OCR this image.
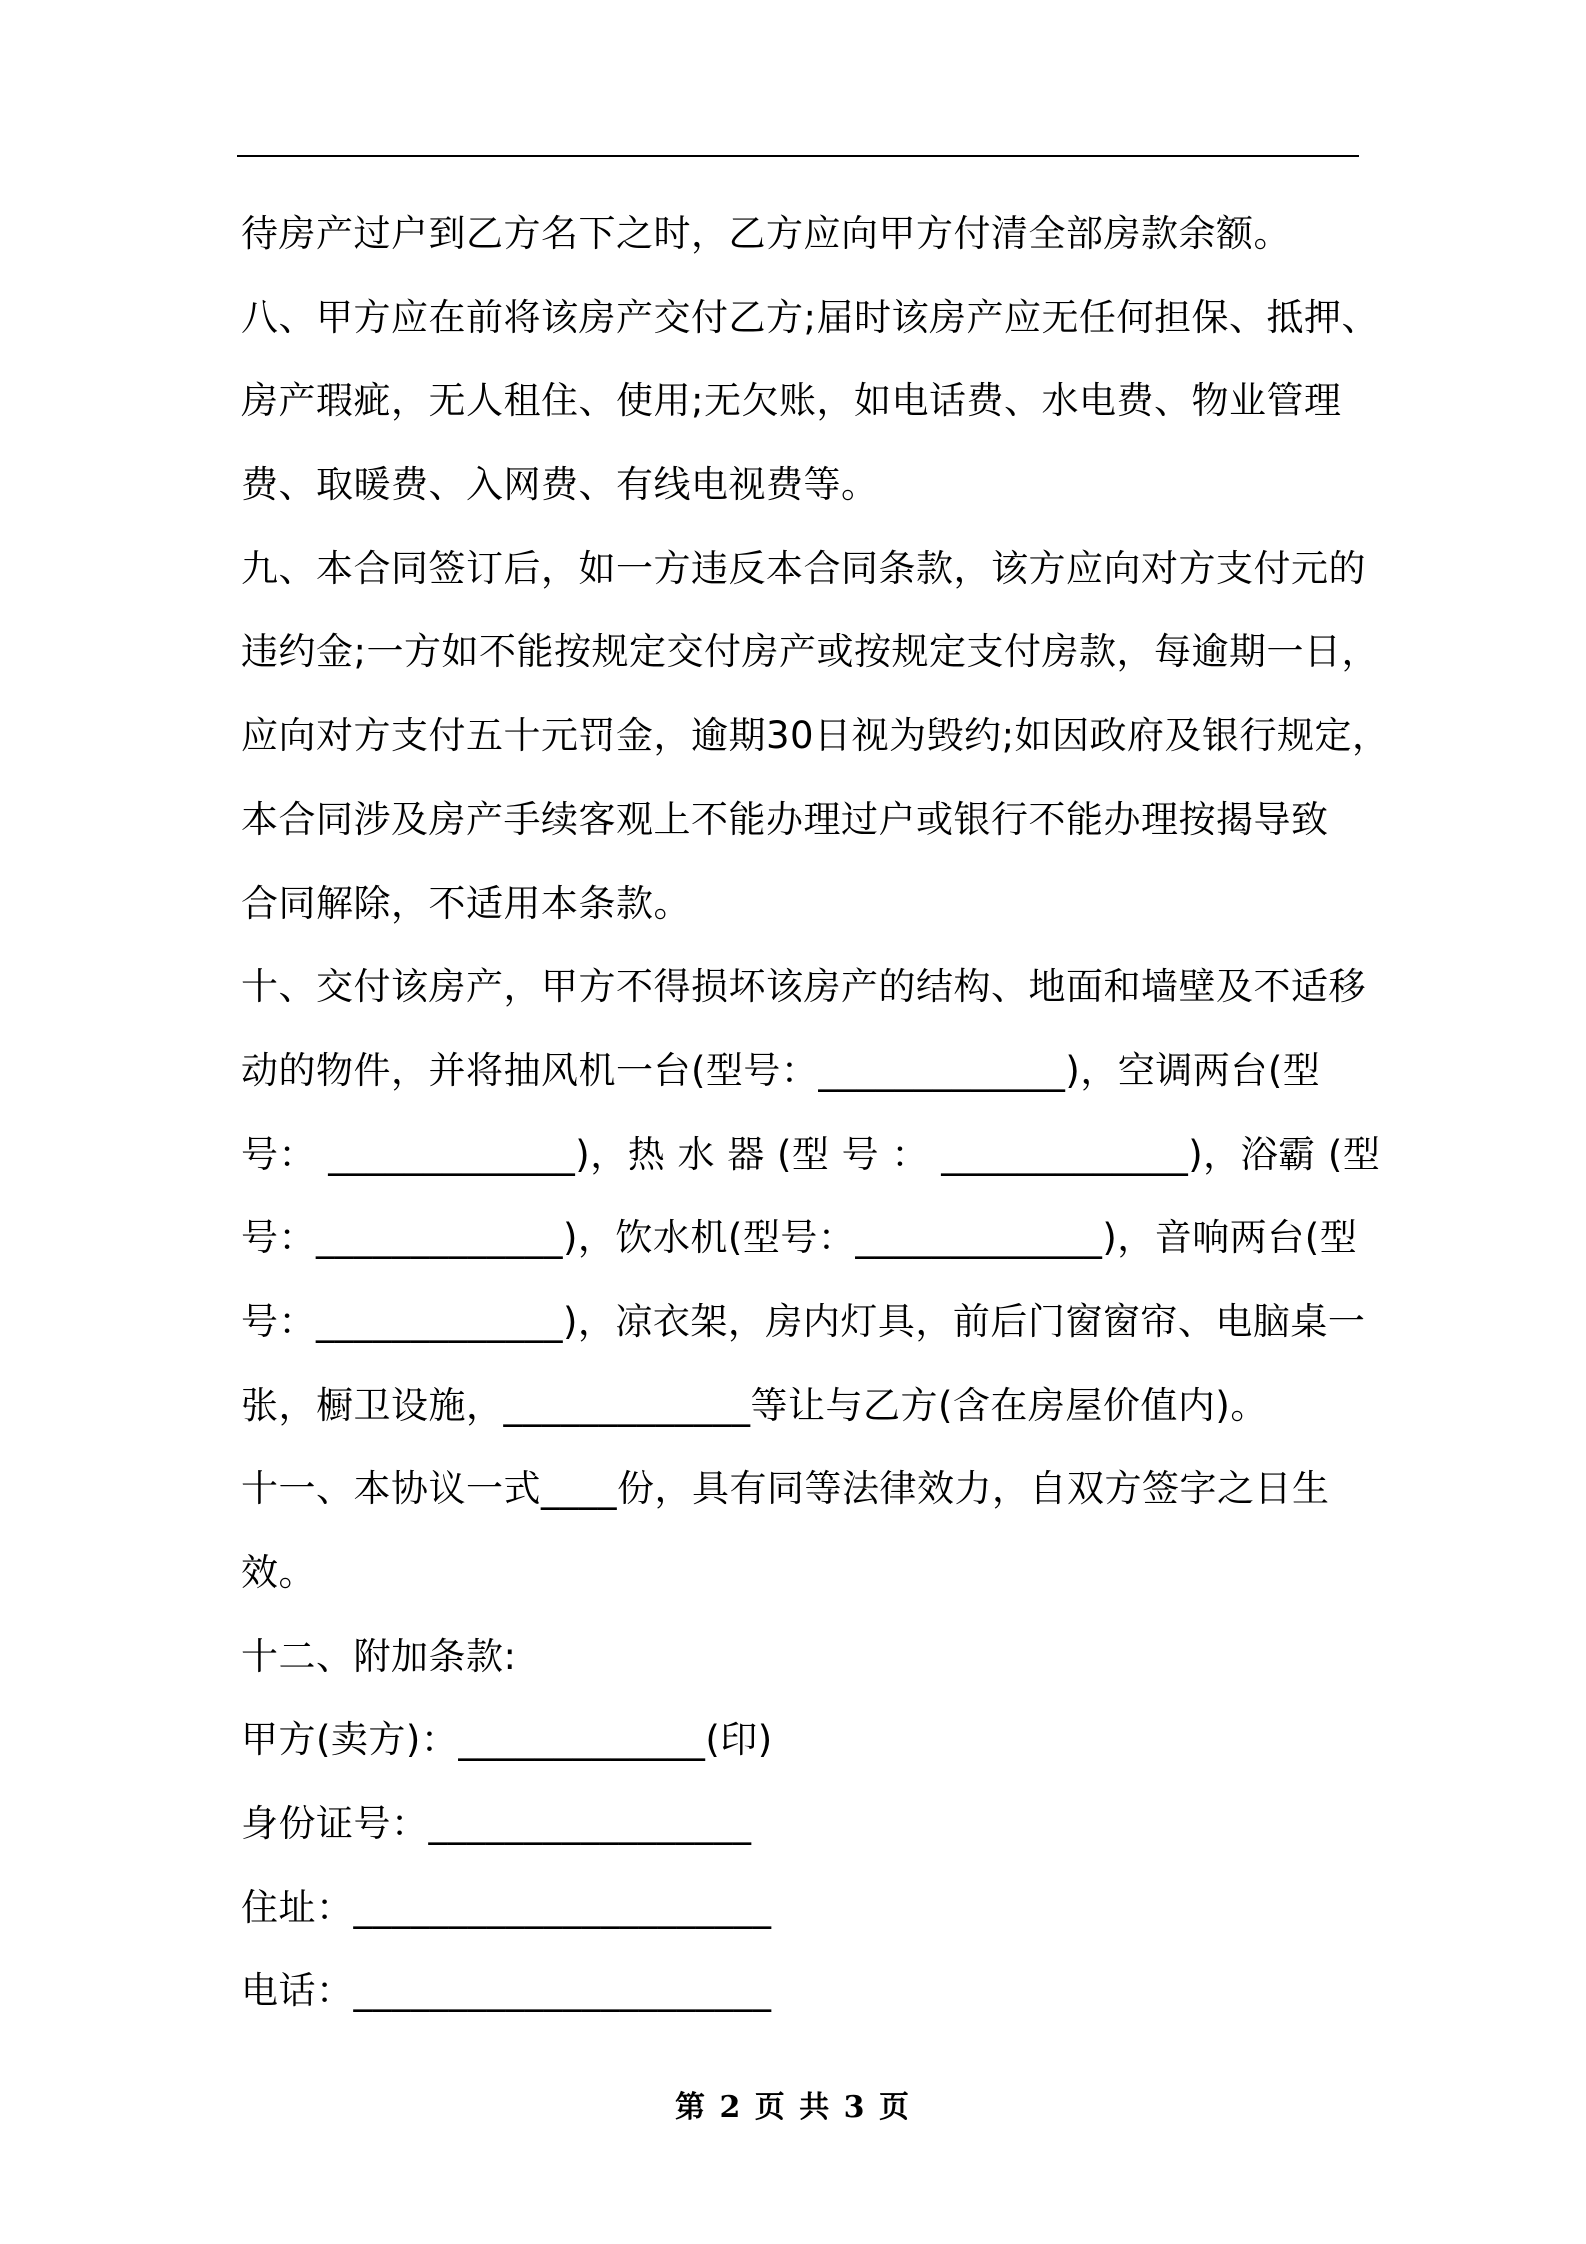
待房产过户到乙方名下之时，乙方应向甲方付清全部房款余额。
八、甲方应在前将该房产交付乙方;届时该房产应无任何担保、抵押、
房产瑕疵，无人租住、使用;无欠账，如电话费、水电费、物业管理
费、取暖费、入网费、有线电视费等。
九、本合同签订后，如一方违反本合同条款，该方应向对方支付元的
违约金;一方如不能按规定交付房产或按规定支付房款，每逾期一日，
应向对方支付五十元罚金，逾期30日视为毁约;如因政府及银行规定，
本合同涉及房产手续客观上不能办理过户或银行不能办理按揭导致
合同解除，不适用本条款。
十、交付该房产，甲方不得损坏该房产的结构、地面和墙壁及不适移
动的物件，并将抽风机一台(型号：_____________)，空调两台(型
号： _____________)，热 水 器 (型 号 ： _____________)，浴霸 (型
号：_____________)，饮水机(型号：_____________)，音响两台(型
号：_____________)，凉衣架，房内灯具，前后门窗窗帘、电脑桌一
张，橱卫设施，_____________等让与乙方(含在房屋价值内)。
十一、本协议一式____份，具有同等法律效力，自双方签字之日生
效。
十二、附加条款:
甲方(卖方)：_____________(印)
身份证号：_________________
住址：______________________
电话：______________________
第 2 页 共 3 页
